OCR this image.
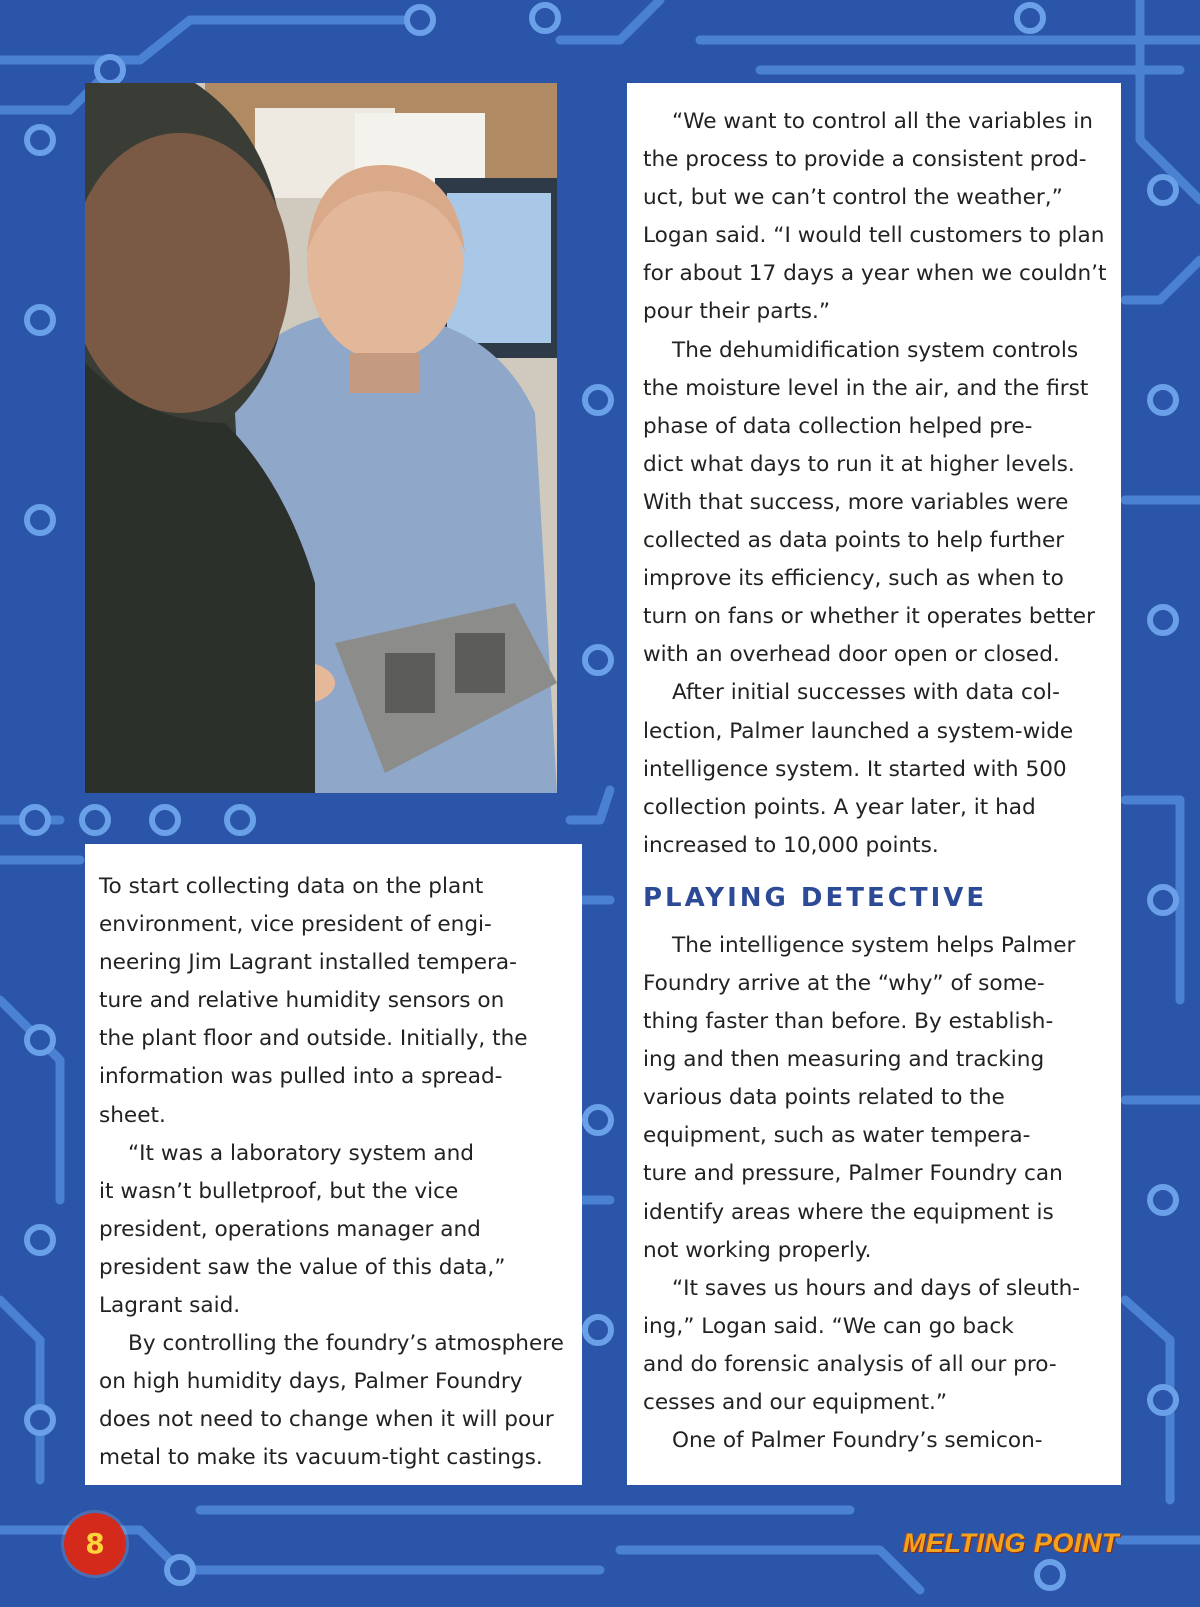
To start collecting data on the plant

environment, vice president of engi-

neering Jim Lagrant installed tempera-

ture and relative humidity sensors on

the plant floor and outside. Initially, the

information was pulled into a spread-

sheet.

“It was a laboratory system and

it wasn’t bulletproof, but the vice

president, operations manager and

president saw the value of this data,”

Lagrant said.

By controlling the foundry’s atmosphere

on high humidity days, Palmer Foundry

does not need to change when it will pour

metal to make its vacuum-tight castings.

“We want to control all the variables in

the process to provide a consistent prod-

uct, but we can’t control the weather,”

Logan said. “I would tell customers to plan

for about 17 days a year when we couldn’t

pour their parts.”

The dehumidification system controls

the moisture level in the air, and the first

phase of data collection helped pre-

dict what days to run it at higher levels.

With that success, more variables were

collected as data points to help further

improve its efficiency, such as when to

turn on fans or whether it operates better

with an overhead door open or closed.

After initial successes with data col-

lection, Palmer launched a system-wide

intelligence system. It started with 500

collection points. A year later, it had

increased to 10,000 points.

PLAYING DETECTIVE

The intelligence system helps Palmer

Foundry arrive at the “why” of some-

thing faster than before. By establish-

ing and then measuring and tracking

various data points related to the

equipment, such as water tempera-

ture and pressure, Palmer Foundry can

identify areas where the equipment is

not working properly.

“It saves us hours and days of sleuth-

ing,” Logan said. “We can go back

and do forensic analysis of all our pro-

cesses and our equipment.”

One of Palmer Foundry’s semicon-

8	MELTING POINT
